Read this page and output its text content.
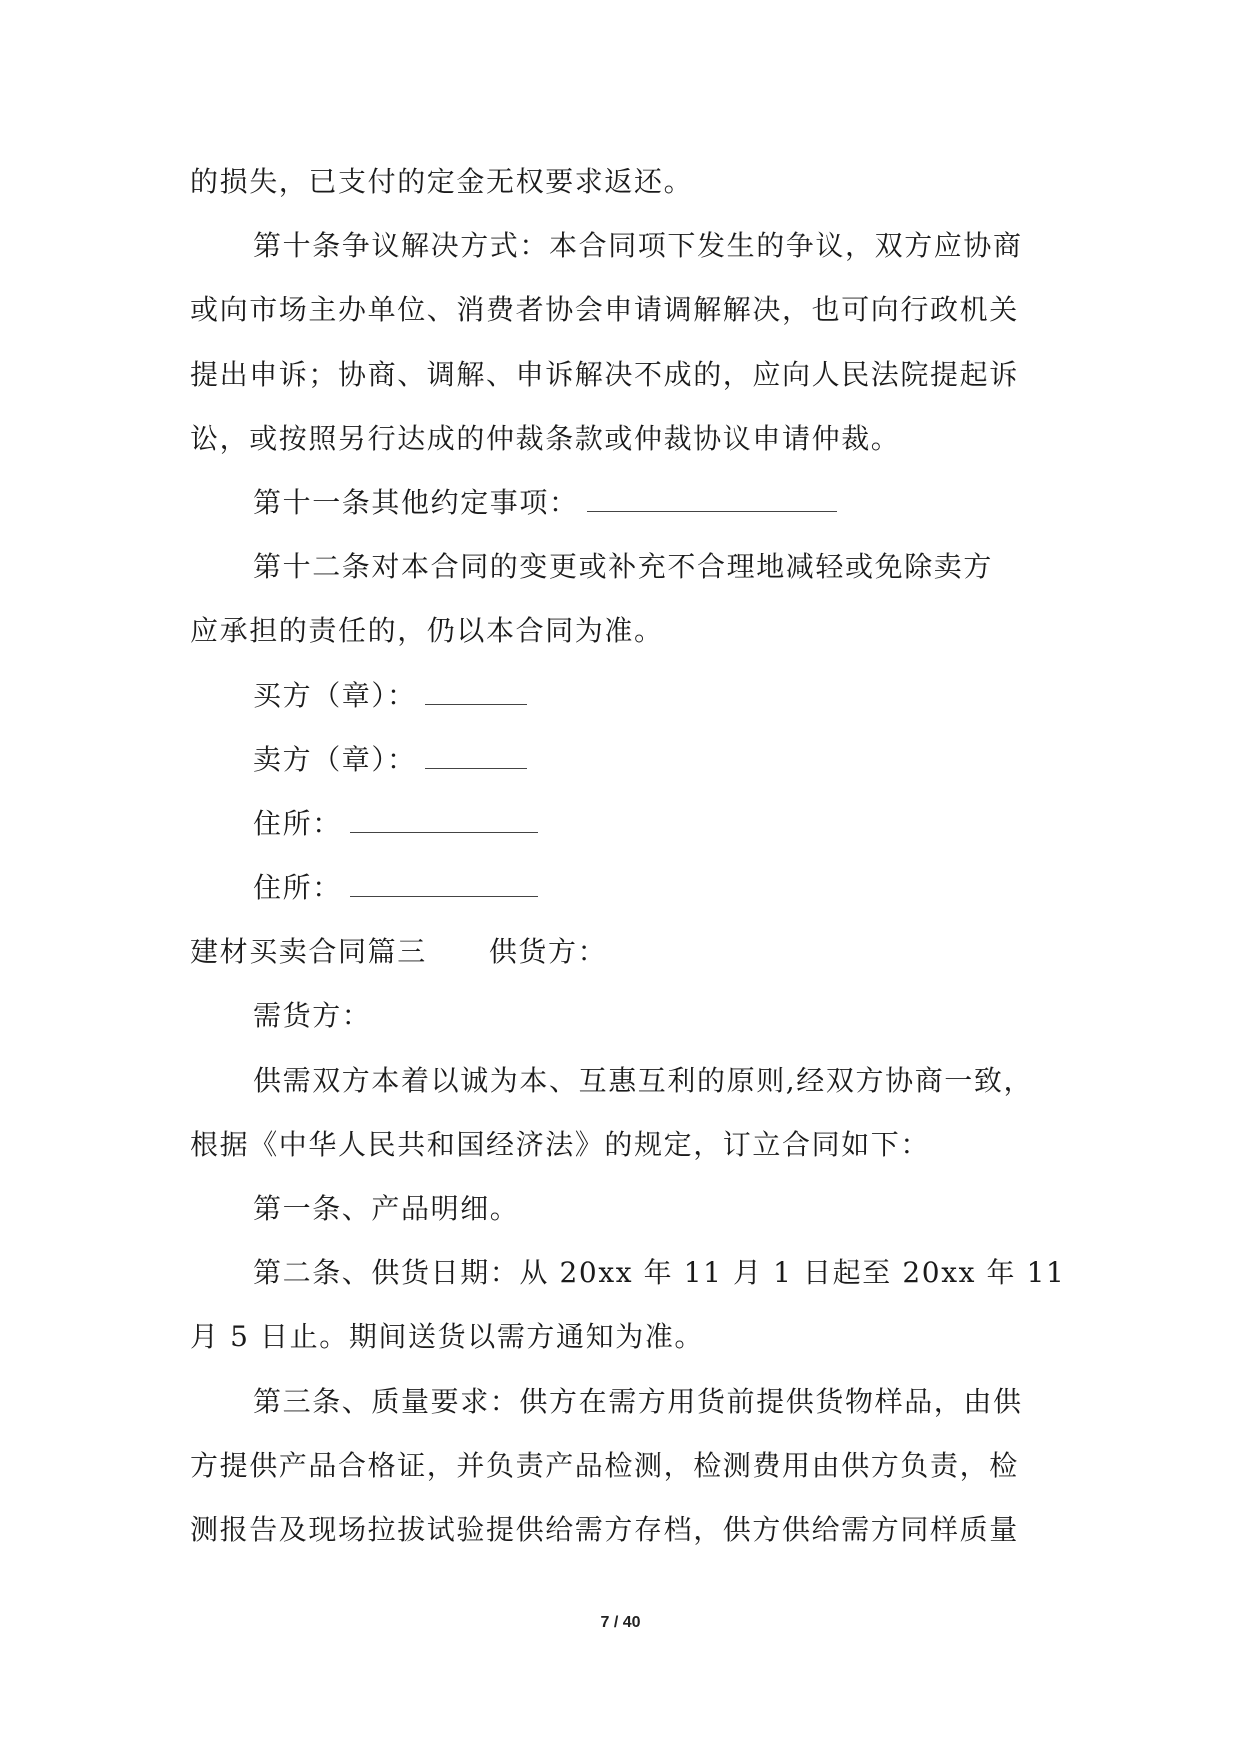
的损失，已支付的定金无权要求返还。
第十条争议解决方式：本合同项下发生的争议，双方应协商
或向市场主办单位、消费者协会申请调解解决，也可向行政机关
提出申诉；协商、调解、申诉解决不成的，应向人民法院提起诉
讼，或按照另行达成的仲裁条款或仲裁协议申请仲裁。
第十一条其他约定事项：
第十二条对本合同的变更或补充不合理地减轻或免除卖方
应承担的责任的，仍以本合同为准。
买方（章）：
卖方（章）：
住所：
住所：
建材买卖合同篇三 供货方：
需货方：
供需双方本着以诚为本、互惠互利的原则,经双方协商一致，
根据《中华人民共和国经济法》的规定，订立合同如下：
第一条、产品明细。
第二条、供货日期：从 20xx 年 11 月 1 日起至 20xx 年 11
月 5 日止。期间送货以需方通知为准。
第三条、质量要求：供方在需方用货前提供货物样品，由供
方提供产品合格证，并负责产品检测，检测费用由供方负责，检
测报告及现场拉拔试验提供给需方存档，供方供给需方同样质量
7 / 40
